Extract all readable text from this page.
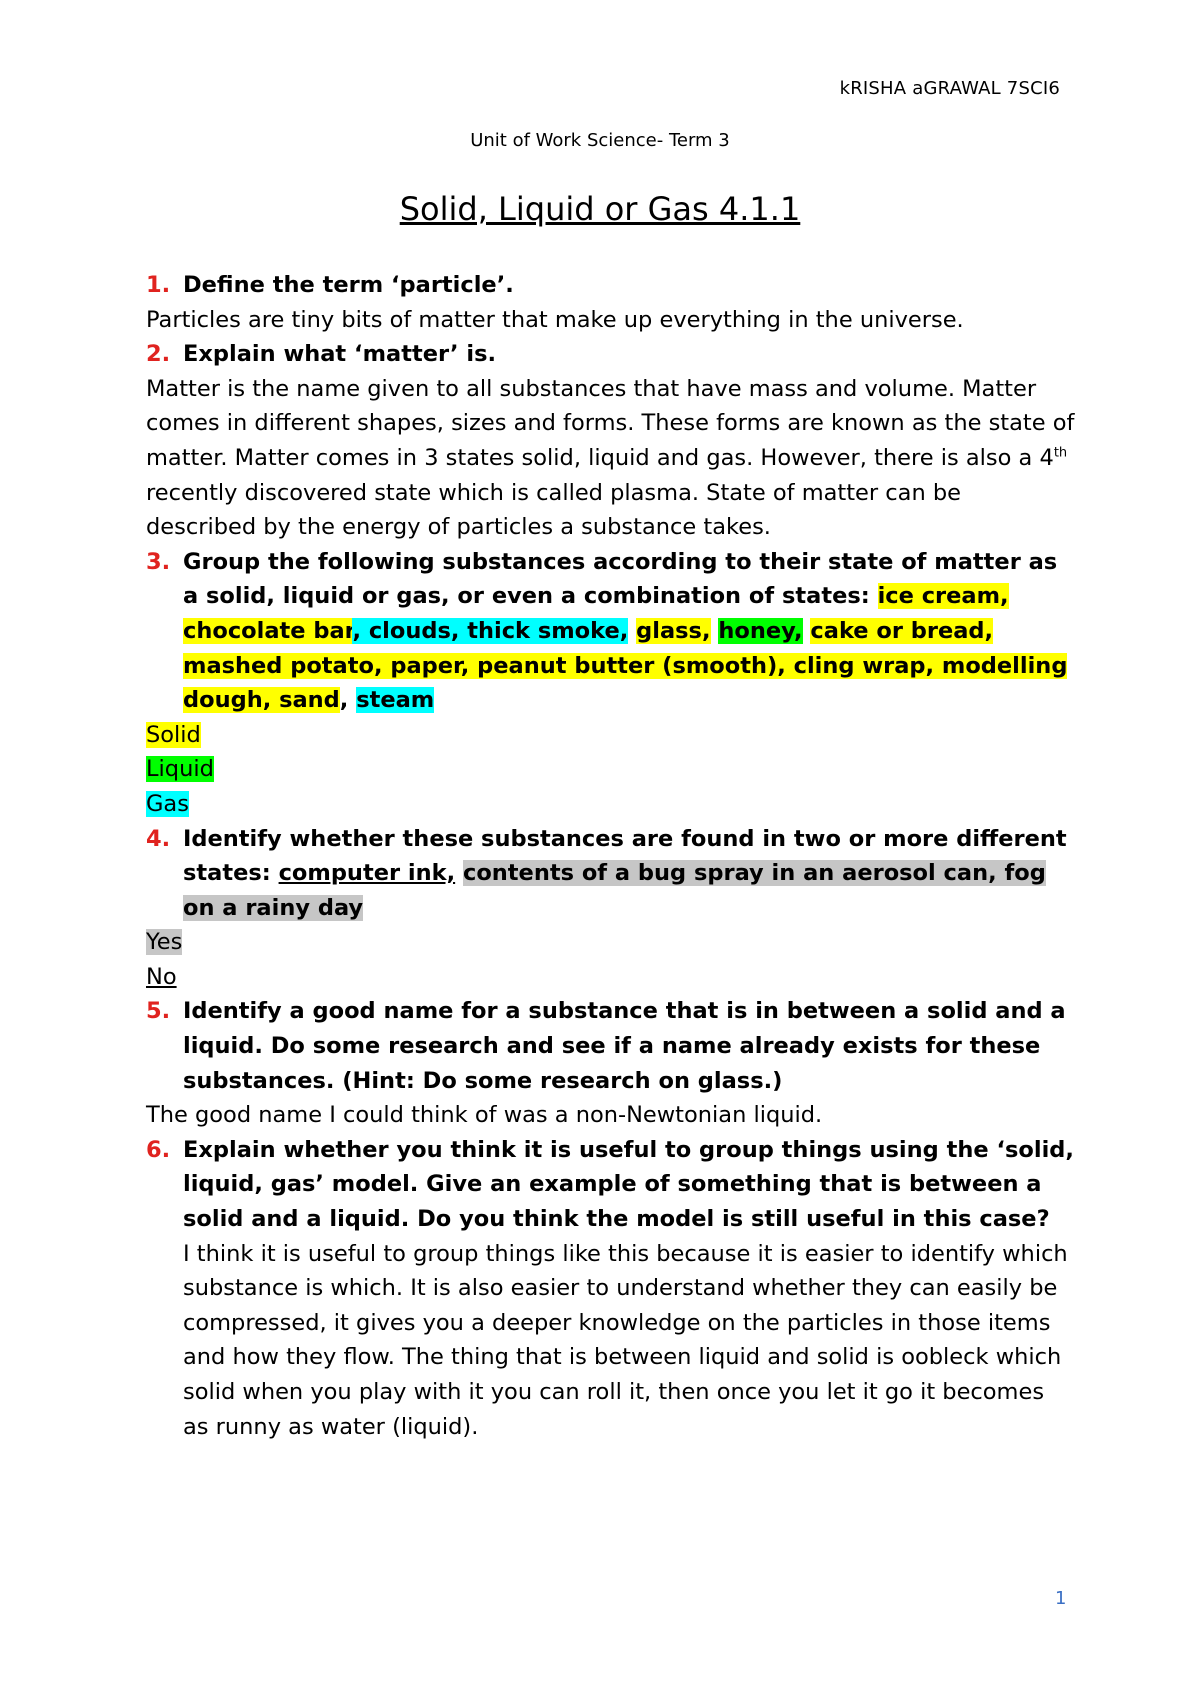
kRISHA aGRAWAL 7SCI6
Unit of Work Science- Term 3
Solid, Liquid or Gas 4.1.1
1. Define the term ‘particle’.

Particles are tiny bits of matter that make up everything in the universe.

2. Explain what ‘matter’ is.

Matter is the name given to all substances that have mass and volume. Matter comes in different shapes, sizes and forms. These forms are known as the state of matter. Matter comes in 3 states solid, liquid and gas. However, there is also a 4th recently discovered state which is called plasma. State of matter can be described by the energy of particles a substance takes.

3. Group the following substances according to their state of matter as a solid, liquid or gas, or even a combination of states: ice cream, chocolate bar, clouds, thick smoke, glass, honey, cake or bread, mashed potato, paper, peanut butter (smooth), cling wrap, modelling dough, sand, steam

Solid

Liquid

Gas

4. Identify whether these substances are found in two or more different states: computer ink, contents of a bug spray in an aerosol can, fog on a rainy day

Yes

No

5. Identify a good name for a substance that is in between a solid and a liquid. Do some research and see if a name already exists for these substances. (Hint: Do some research on glass.)

The good name I could think of was a non-Newtonian liquid.

6. Explain whether you think it is useful to group things using the ‘solid, liquid, gas’ model. Give an example of something that is between a solid and a liquid. Do you think the model is still useful in this case?

I think it is useful to group things like this because it is easier to identify which substance is which. It is also easier to understand whether they can easily be compressed, it gives you a deeper knowledge on the particles in those items and how they flow. The thing that is between liquid and solid is oobleck which solid when you play with it you can roll it, then once you let it go it becomes as runny as water (liquid).

1
